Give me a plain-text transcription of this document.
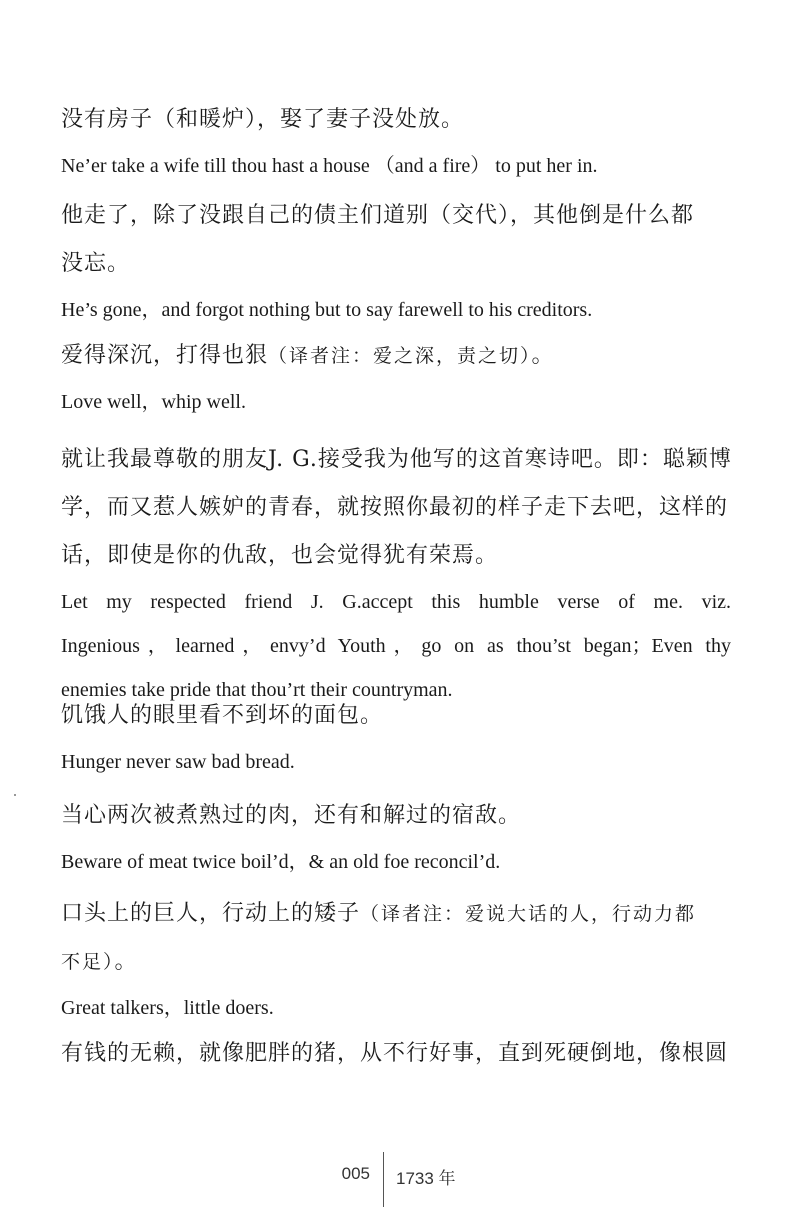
没有房子（和暖炉），娶了妻子没处放。

Ne’er take a wife till thou hast a house （and a fire） to put her in.

他走了，除了没跟自己的债主们道别（交代），其他倒是什么都

没忘。

He’s gone，and forgot nothing but to say farewell to his creditors.

爱得深沉，打得也狠（译者注：爱之深，责之切）。

Love well，whip well.

就让我最尊敬的朋友J. G.接受我为他写的这首寒诗吧。即：聪颖博

学，而又惹人嫉妒的青春，就按照你最初的样子走下去吧，这样的

话，即使是你的仇敌，也会觉得犹有荣焉。

Let my respected friend J. G.accept this humble verse of me. viz.

Ingenious，learned，envy’d Youth，go on as thou’st began；Even thy

enemies take pride that thou’rt their countryman.

饥饿人的眼里看不到坏的面包。

Hunger never saw bad bread.

当心两次被煮熟过的肉，还有和解过的宿敌。

Beware of meat twice boil’d，& an old foe reconcil’d.

口头上的巨人，行动上的矮子（译者注：爱说大话的人，行动力都

不足）。

Great talkers，little doers.

有钱的无赖，就像肥胖的猪，从不行好事，直到死硬倒地，像根圆

005 1733 年
